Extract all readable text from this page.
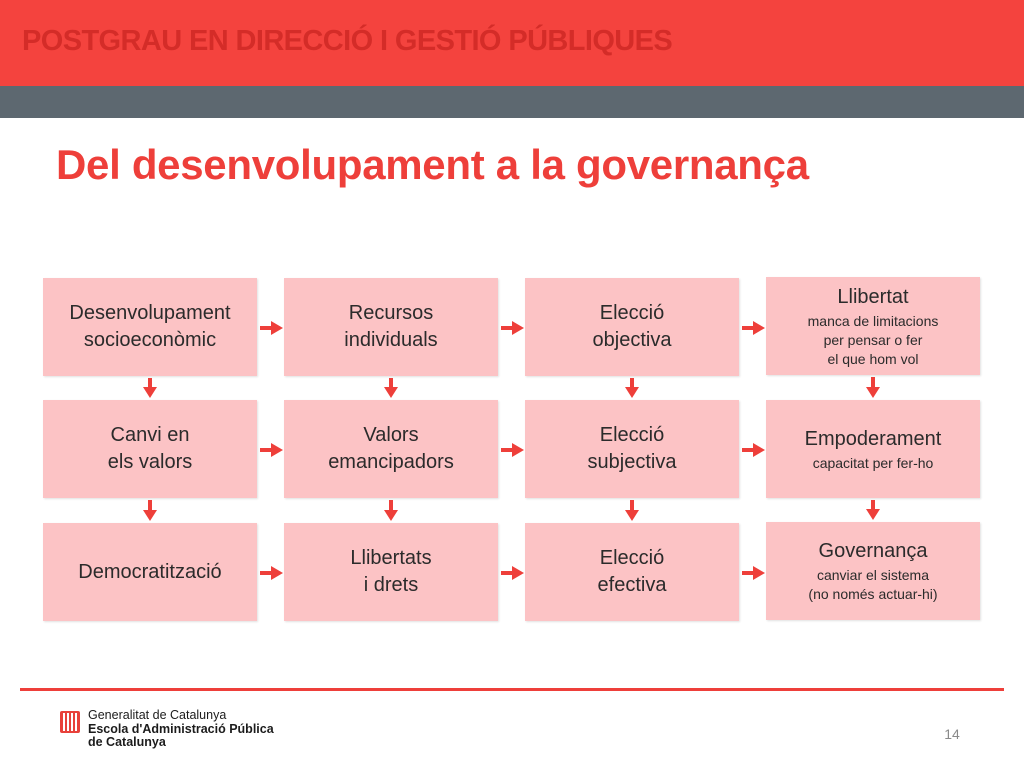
POSTGRAU EN DIRECCIÓ I GESTIÓ PÚBLIQUES
Del desenvolupament a la governança
Desenvolupament
socioeconòmic
Recursos
individuals
Elecció
objectiva
Llibertat
manca de limitacions
per pensar o fer
el que hom vol
Canvi en
els valors
Valors
emancipadors
Elecció
subjectiva
Empoderament
capacitat per fer-ho
Democratització
Llibertats
i drets
Elecció
efectiva
Governança
canviar el sistema
(no només actuar-hi)
Generalitat de Catalunya
Escola d'Administració Pública
de Catalunya	14
